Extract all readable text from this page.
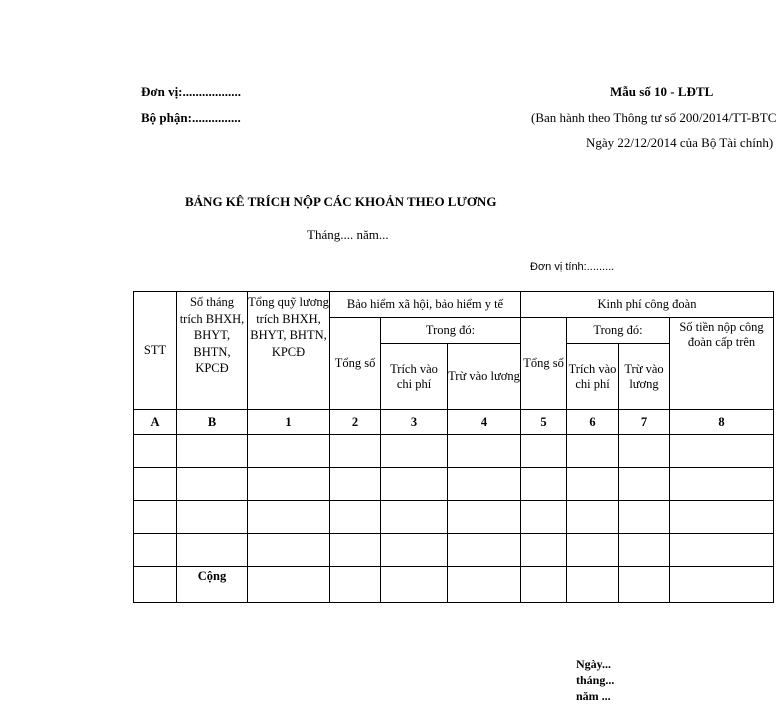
Đơn vị:..................
Bộ phận:...............
Mẫu số 10 - LĐTL
(Ban hành theo Thông tư số 200/2014/TT-BTC
Ngày 22/12/2014 của Bộ Tài chính)
BẢNG KÊ TRÍCH NỘP CÁC KHOẢN THEO LƯƠNG
Tháng.... năm...
Đơn vị tính:.........
STT	Số tháng trích BHXH, BHYT, BHTN, KPCĐ	Tổng quỹ lương trích BHXH, BHYT, BHTN, KPCĐ	Bảo hiểm xã hội, bảo hiểm y tế			Kinh phí công đoàn			
			Tổng số	Trong đó:		Tổng số	Trong đó:		Số tiền nộp công đoàn cấp trên
				Trích vào chi phí	Trừ vào lương		Trích vào chi phí	Trừ vào lương	
A	B	1	2	3	4	5	6	7	8

	Cộng								
Ngày... tháng... năm ...
